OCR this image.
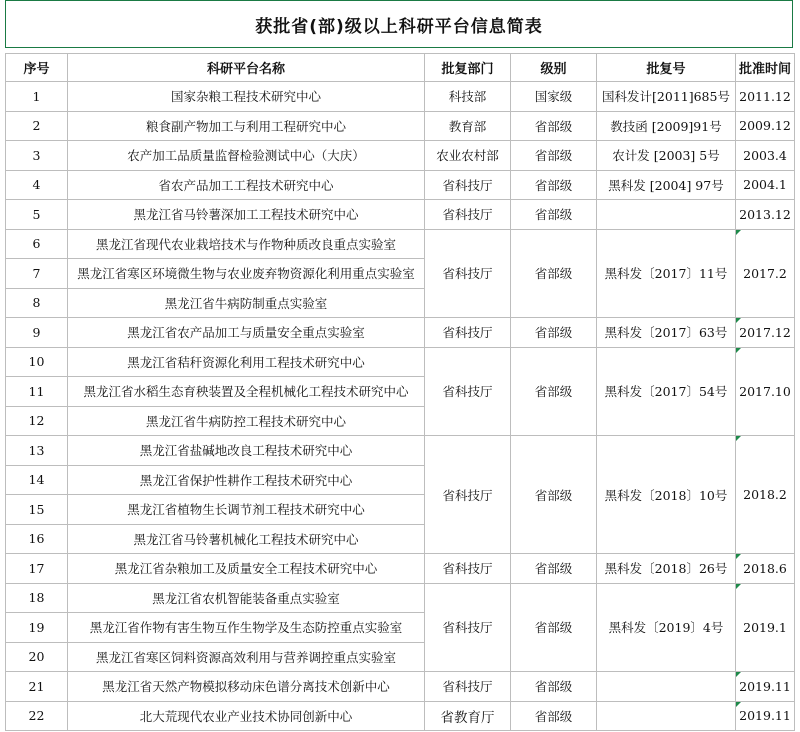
获批省(部)级以上科研平台信息简表
序号	科研平台名称	批复部门	级别	批复号	批准时间
1	国家杂粮工程技术研究中心	科技部	国家级	国科发计[2011]685号	2011.12
2	粮食副产物加工与利用工程研究中心	教育部	省部级	教技函 [2009]91号	2009.12
3	农产加工品质量监督检验测试中心（大庆）	农业农村部	省部级	农计发 [2003] 5号	2003.4
4	省农产品加工工程技术研究中心	省科技厅	省部级	黑科发 [2004] 97号	2004.1
5	黑龙江省马铃薯深加工工程技术研究中心	省科技厅	省部级		2013.12
6	黑龙江省现代农业栽培技术与作物种质改良重点实验室	省科技厅	省部级	黑科发〔2017〕11号	2017.2
7	黑龙江省寒区环境微生物与农业废弃物资源化利用重点实验室				
8	黑龙江省牛病防制重点实验室				
9	黑龙江省农产品加工与质量安全重点实验室	省科技厅	省部级	黑科发〔2017〕63号	2017.12
10	黑龙江省秸秆资源化利用工程技术研究中心	省科技厅	省部级	黑科发〔2017〕54号	2017.10
11	黑龙江省水稻生态育秧装置及全程机械化工程技术研究中心				
12	黑龙江省牛病防控工程技术研究中心				
13	黑龙江省盐碱地改良工程技术研究中心	省科技厅	省部级	黑科发〔2018〕10号	2018.2
14	黑龙江省保护性耕作工程技术研究中心				
15	黑龙江省植物生长调节剂工程技术研究中心				
16	黑龙江省马铃薯机械化工程技术研究中心				
17	黑龙江省杂粮加工及质量安全工程技术研究中心	省科技厅	省部级	黑科发〔2018〕26号	2018.6
18	黑龙江省农机智能装备重点实验室	省科技厅	省部级	黑科发〔2019〕4号	2019.1
19	黑龙江省作物有害生物互作生物学及生态防控重点实验室				
20	黑龙江省寒区饲料资源高效利用与营养调控重点实验室				
21	黑龙江省天然产物模拟移动床色谱分离技术创新中心	省科技厅	省部级		2019.11
22	北大荒现代农业产业技术协同创新中心	省教育厅	省部级		2019.11
